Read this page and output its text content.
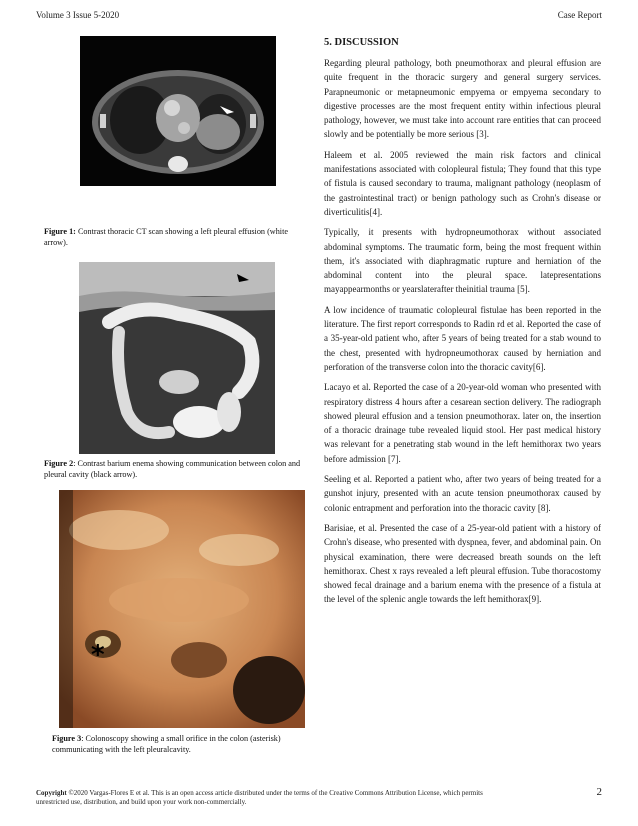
Volume 3 Issue 5-2020	Case Report
Figure 1: Contrast thoracic CT scan showing a left pleural effusion (white arrow).
Figure 2: Contrast barium enema showing communication between colon and pleural cavity (black arrow).
*
Figure 3: Colonoscopy showing a small orifice in the colon (asterisk) communicating with the left pleuralcavity.
5. DISCUSSION

Regarding pleural pathology, both pneumothorax and pleural effusion are quite frequent in the thoracic surgery and general surgery services. Parapneumonic or metapneumonic empyema or empyema secondary to digestive processes are the most frequent entity within infectious pleural pathology, however, we must take into account rare entities that can proceed slowly and be potentially be more serious [3].

Haleem et al. 2005 reviewed the main risk factors and clinical manifestations associated with colopleural fistula; They found that this type of fistula is caused secondary to trauma, malignant pathology (neoplasm of the gastrointestinal tract) or benign pathology such as Crohn's disease or diverticulitis[4].

Typically, it presents with hydropneumothorax without associated abdominal symptoms. The traumatic form, being the most frequent within them, it's associated with diaphragmatic rupture and herniation of the abdominal content into the pleural space. latepresentations mayappearmonths or yearslaterafter theinitial trauma [5].

A low incidence of traumatic colopleural fistulae has been reported in the literature. The first report corresponds to Radin rd et al. Reported the case of a 35-year-old patient who, after 5 years of being treated for a stab wound to the chest, presented with hydropneumothorax caused by herniation and perforation of the transverse colon into the thoracic cavity[6].

Lacayo et al. Reported the case of a 20-year-old woman who presented with respiratory distress 4 hours after a cesarean section delivery. The radiograph showed pleural effusion and a tension pneumothorax. later on, the insertion of a thoracic drainage tube revealed liquid stool. Her past medical history was relevant for a penetrating stab wound in the left hemithorax two years before admission [7].

Seeling et al. Reported a patient who, after two years of being treated for a gunshot injury, presented with an acute tension pneumothorax caused by colonic entrapment and perforation into the thoracic cavity [8].

Barisiae, et al. Presented the case of a 25-year-old patient with a history of Crohn's disease, who presented with dyspnea, fever, and abdominal pain. On physical examination, there were decreased breath sounds on the left hemithorax. Chest x rays revealed a left pleural effusion. Tube thoracostomy showed fecal drainage and a barium enema with the presence of a fistula at the level of the splenic angle towards the left hemithorax[9].

Copyright ©2020 Vargas-Flores E et al. This is an open access article distributed under the terms of the Creative Commons Attribution License, which permits unrestricted use, distribution, and build upon your work non-commercially.
2
